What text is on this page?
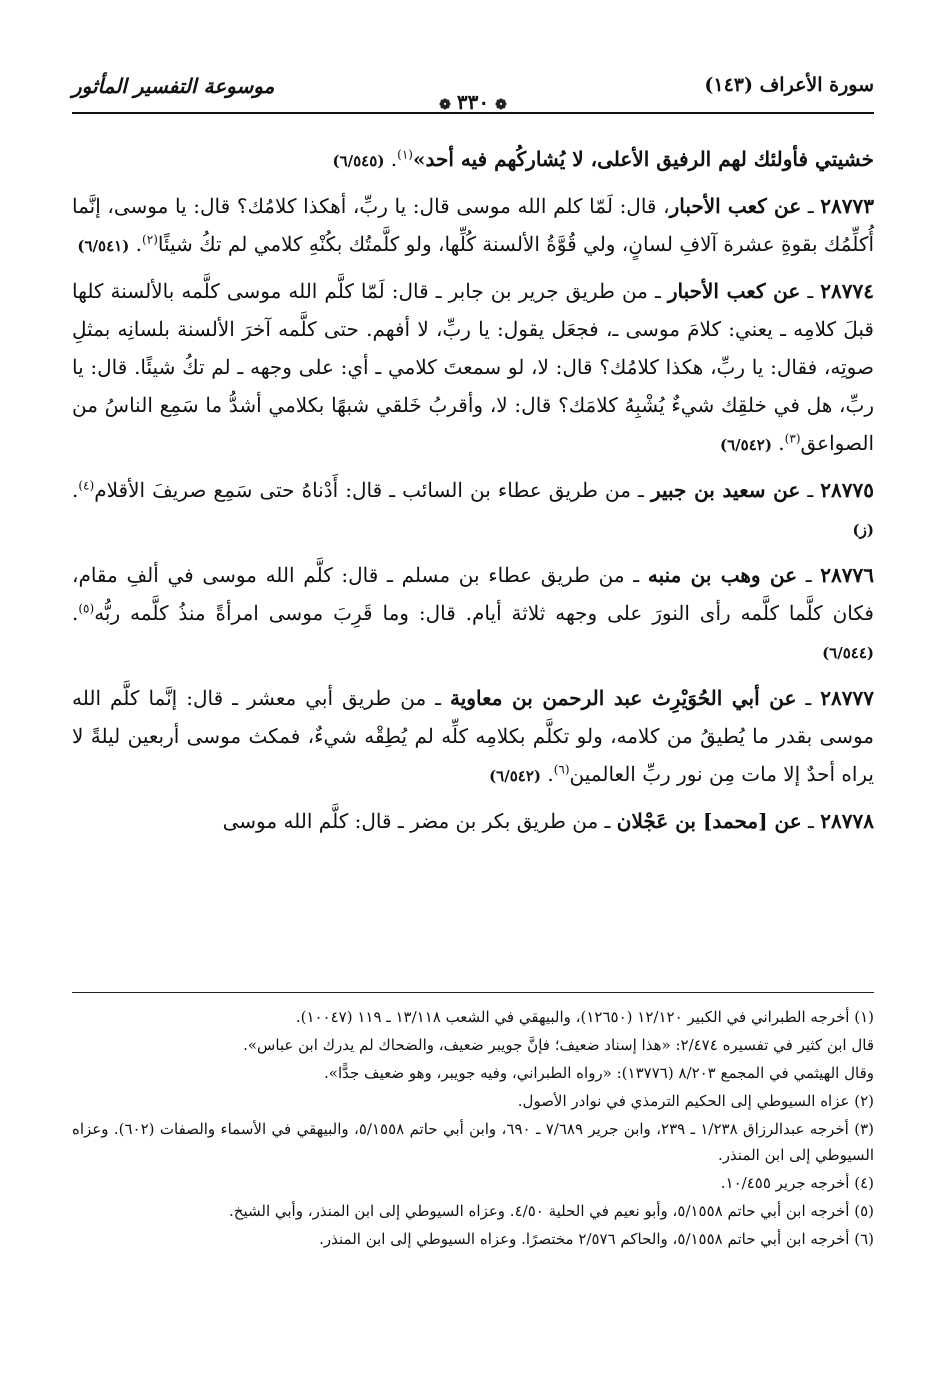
سورة الأعراف (١٤٣)
موسوعة التفسير المأثور
❁٣٣٠❁

خشيتي فأولئك لهم الرفيق الأعلى، لا يُشاركُهم فيه أحد»$^{(١)}$. (٦/٥٤٥)

٢٨٧٧٣ ـ عن كعب الأحبار، قال: لَمّا كلم الله موسى قال: يا ربِّ، أهكذا كلامُك؟ قال: يا موسى، إنَّما أُكلِّمُك بقوةِ عشرة آلافِ لسانٍ، ولي قُوَّةُ الألسنة كُلِّها، ولو كلَّمتُك بكُنْهِ كلامي لم تكُ شيئًا$^{(٢)}$. (٦/٥٤١)

٢٨٧٧٤ ـ عن كعب الأحبار ـ من طريق جرير بن جابر ـ قال: لَمّا كلَّم الله موسى كلَّمه بالألسنة كلها قبلَ كلامِه ـ يعني: كلامَ موسى ـ، فجعَل يقول: يا ربِّ، لا أفهم. حتى كلَّمه آخرَ الألسنة بلسانِه بمثلِ صوتِه، فقال: يا ربِّ، هكذا كلامُك؟ قال: لا، لو سمعتَ كلامي ـ أي: على وجهه ـ لم تكُ شيئًا. قال: يا ربِّ، هل في خلقِك شيءٌ يُشْبِهُ كلامَك؟ قال: لا، وأقربُ خَلقي شبهًا بكلامي أشدُّ ما سَمِع الناسُ من الصواعق$^{(٣)}$. (٦/٥٤٢)

٢٨٧٧٥ ـ عن سعيد بن جبير ـ من طريق عطاء بن السائب ـ قال: أَدْناهُ حتى سَمِع صريفَ الأقلام$^{(٤)}$. (ز)

٢٨٧٧٦ ـ عن وهب بن منبه ـ من طريق عطاء بن مسلم ـ قال: كلَّم الله موسى في ألفِ مقام، فكان كلَّما كلَّمه رأى النورَ على وجهه ثلاثة أيام. قال: وما قَرِبَ موسى امرأةً منذُ كلَّمه ربُّه$^{(٥)}$. (٦/٥٤٤)

٢٨٧٧٧ ـ عن أبي الحُوَيْرِث عبد الرحمن بن معاوية ـ من طريق أبي معشر ـ قال: إنَّما كلَّم الله موسى بقدر ما يُطيقُ من كلامه، ولو تكلَّم بكلامِه كلِّه لم يُطِقْه شيءٌ، فمكث موسى أربعين ليلةً لا يراه أحدٌ إلا مات مِن نور ربِّ العالمين$^{(٦)}$. (٦/٥٤٢)

٢٨٧٧٨ ـ عن [محمد] بن عَجْلان ـ من طريق بكر بن مضر ـ قال: كلَّم الله موسى

(١) أخرجه الطبراني في الكبير ١٢/١٢٠ (١٢٦٥٠)، والبيهقي في الشعب ١٣/١١٨ ـ ١١٩ (١٠٠٤٧).

قال ابن كثير في تفسيره ٢/٤٧٤: «هذا إسناد ضعيف؛ فإنَّ جويبر ضعيف، والضحاك لم يدرك ابن عباس».

وقال الهيثمي في المجمع ٨/٢٠٣ (١٣٧٧٦): «رواه الطبراني، وفيه جويبر، وهو ضعيف جدًّا».

(٢) عزاه السيوطي إلى الحكيم الترمذي في نوادر الأصول.

(٣) أخرجه عبدالرزاق ١/٢٣٨ ـ ٢٣٩، وابن جرير ٧/٦٨٩ ـ ٦٩٠، وابن أبي حاتم ٥/١٥٥٨، والبيهقي في الأسماء والصفات (٦٠٢). وعزاه السيوطي إلى ابن المنذر.

(٤) أخرجه جرير ١٠/٤٥٥.

(٥) أخرجه ابن أبي حاتم ٥/١٥٥٨، وأبو نعيم في الحلية ٤/٥٠. وعزاه السيوطي إلى ابن المنذر، وأبي الشيخ.

(٦) أخرجه ابن أبي حاتم ٥/١٥٥٨، والحاكم ٢/٥٧٦ مختصرًا. وعزاه السيوطي إلى ابن المنذر.
